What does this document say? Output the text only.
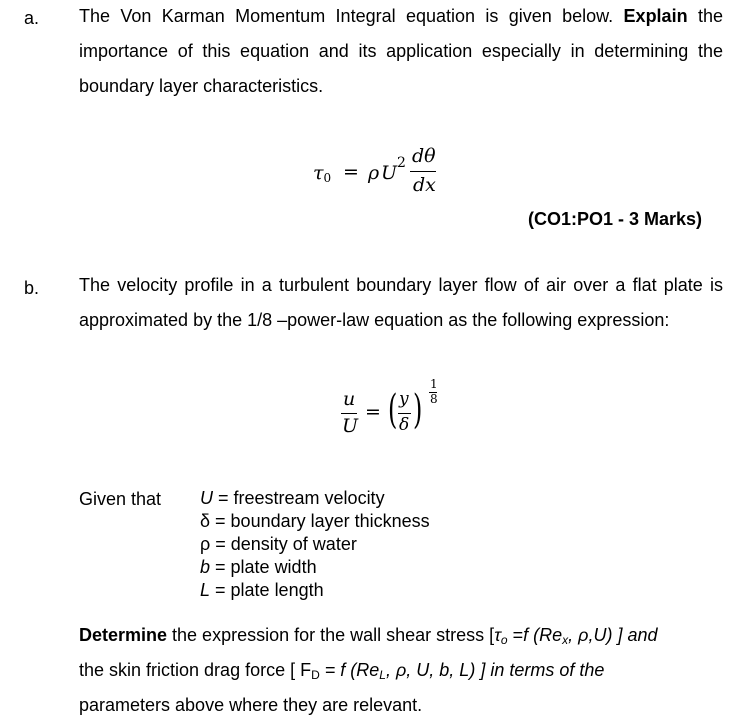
a. The Von Karman Momentum Integral equation is given below. Explain the importance of this equation and its application especially in determining the boundary layer characteristics.
$\tau_0 = \rho$ U 2 dθ
dx
(CO1:PO1 - 3 Marks)
b. The velocity profile in a turbulent boundary layer flow of air over a flat plate is approximated by the 1/8 –power-law equation as the following expression:
u
U
= ( y
δ )
1
8
Given that U = freestream velocity
δ = boundary layer thickness
ρ = density of water
b = plate width
L = plate length
Determine the expression for the wall shear stress [$\tau_o =f$ ($Re_x$, ρ,U) ] and
the skin friction drag force [ $F_D = f$ ($Re_L$, ρ, U, b, L) ] in terms of the
parameters above where they are relevant.
